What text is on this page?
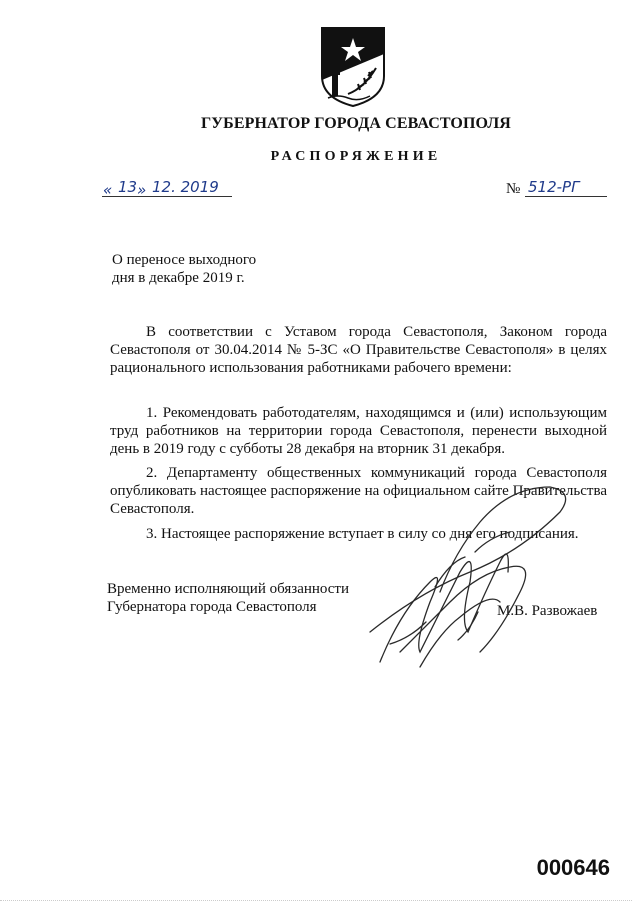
ГУБЕРНАТОР ГОРОДА СЕВАСТОПОЛЯ
РАСПОРЯЖЕНИЕ
« 13 » 12. 2019	№ 512-РГ
О переносе выходного
дня в декабре 2019 г.
В соответствии с Уставом города Севастополя, Законом города Севастополя от 30.04.2014 № 5-ЗС «О Правительстве Севастополя» в целях рационального использования работниками рабочего времени:
1. Рекомендовать работодателям, находящимся и (или) использующим труд работников на территории города Севастополя, перенести выходной день в 2019 году с субботы 28 декабря на вторник 31 декабря.
2. Департаменту общественных коммуникаций города Севастополя опубликовать настоящее распоряжение на официальном сайте Правительства Севастополя.
3. Настоящее распоряжение вступает в силу со дня его подписания.
Временно исполняющий обязанности
Губернатора города Севастополя	М.В. Развожаев
000646
